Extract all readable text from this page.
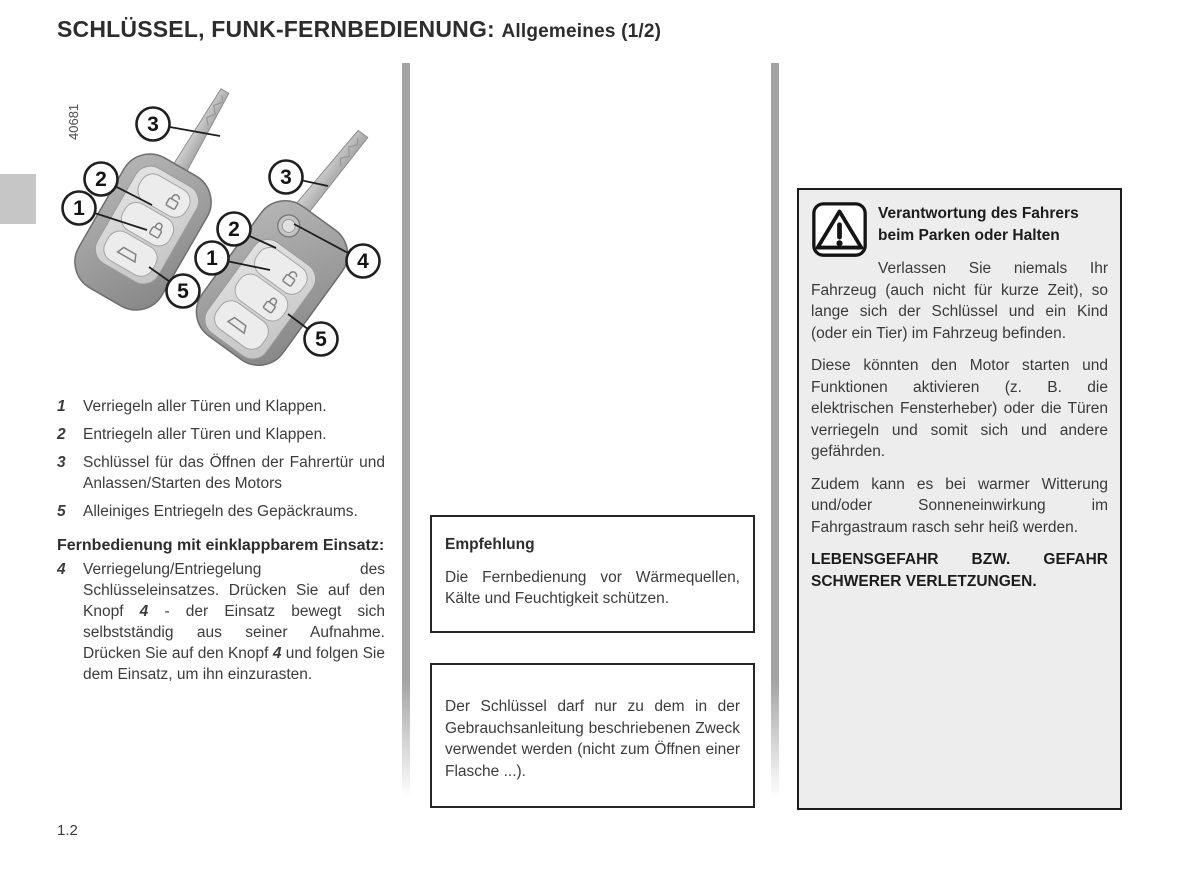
SCHLÜSSEL, FUNK-FERNBEDIENUNG: Allgemeines (1/2)
40681	3
2
1
5
3
2
1	4
5
1	Verriegeln aller Türen und Klappen.
2	Entriegeln aller Türen und Klappen.
3	Schlüssel für das Öffnen der Fahrertür und Anlassen/Starten des Motors
5	Alleiniges Entriegeln des Gepäckraums.
Fernbedienung mit einklappbarem Einsatz:
4	Verriegelung/Entriegelung des Schlüsseleinsatzes. Drücken Sie auf den Knopf 4 - der Einsatz bewegt sich selbstständig aus seiner Aufnahme. Drücken Sie auf den Knopf 4 und folgen Sie dem Einsatz, um ihn einzurasten.
Empfehlung

Die Fernbedienung vor Wärmequellen, Kälte und Feuchtigkeit schützen.

Der Schlüssel darf nur zu dem in der Gebrauchsanleitung beschriebenen Zweck verwendet werden (nicht zum Öffnen einer Flasche ...).

Verantwortung des Fahrers beim Parken oder Halten

Verlassen Sie niemals Ihr Fahrzeug (auch nicht für kurze Zeit), so lange sich der Schlüssel und ein Kind (oder ein Tier) im Fahrzeug befinden.

Diese könnten den Motor starten und Funktionen aktivieren (z. B. die elektrischen Fensterheber) oder die Türen verriegeln und somit sich und andere gefährden.

Zudem kann es bei warmer Witterung und/oder Sonneneinwirkung im Fahrgastraum rasch sehr heiß werden.

LEBENSGEFAHR BZW. GEFAHR SCHWERER VERLETZUNGEN.

1.2
